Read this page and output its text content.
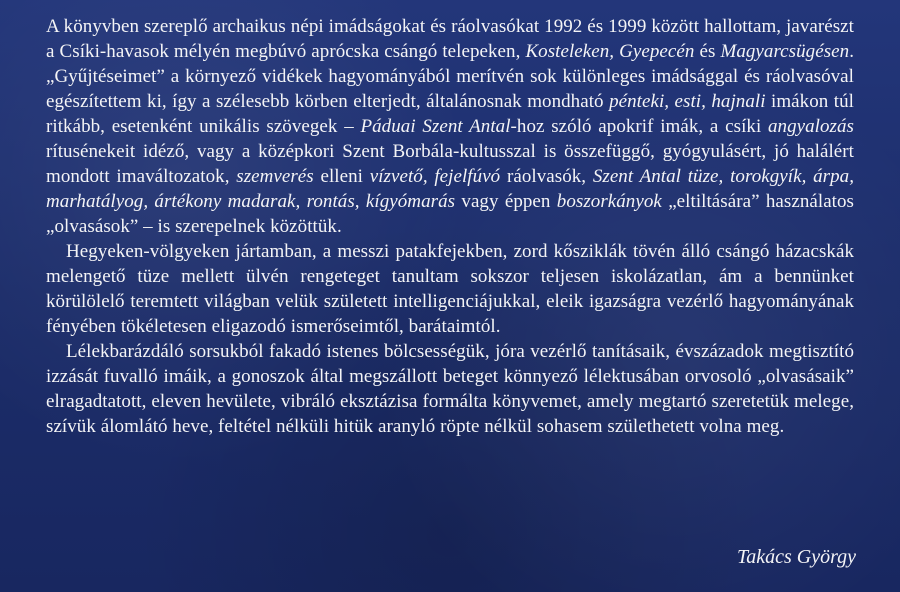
A könyvben szereplő archaikus népi imádságokat és ráolvasókat 1992 és 1999 között hallottam, javarészt a Csíki-havasok mélyén megbúvó aprócska csángó telepeken, Kosteleken, Gyepecén és Magyarcsügésen. „Gyűjtéseimet” a környező vidékek hagyományából merítvén sok különleges imádsággal és ráolvasóval egészítettem ki, így a szélesebb körben elterjedt, általánosnak mondható pénteki, esti, hajnali imákon túl ritkább, esetenként unikális szövegek – Páduai Szent Antal-hoz szóló apokrif imák, a csíki angyalozás rítusénekeit idéző, vagy a középkori Szent Borbála-kultusszal is összefüggő, gyógyulásért, jó halálért mondott imaváltozatok, szemverés elleni vízvető, fejelfúvó ráolvasók, Szent Antal tüze, torokgyík, árpa, marhatályog, ártékony madarak, rontás, kígyómarás vagy éppen boszorkányok „eltiltására” használatos „olvasások” – is szerepelnek közöttük.

Hegyeken-völgyeken jártamban, a messzi patakfejekben, zord kősziklák tövén álló csángó házacskák melengető tüze mellett ülvén rengeteget tanultam sokszor teljesen iskolázatlan, ám a bennünket körülölelő teremtett világban velük született intelligenciájukkal, eleik igazságra vezérlő hagyományának fényében tökéletesen eligazodó ismerőseimtől, barátaimtól.

Lélekbarázdáló sorsukból fakadó istenes bölcsességük, jóra vezérlő tanításaik, évszázadok megtisztító izzását fuvalló imáik, a gonoszok által megszállott beteget könnyező lélektusában orvosoló „olvasásaik” elragadtatott, eleven hevülete, vibráló eksztázisa formálta könyvemet, amely megtartó szeretetük melege, szívük álomlátó heve, feltétel nélküli hitük aranyló röpte nélkül sohasem születhetett volna meg.

Takács György
